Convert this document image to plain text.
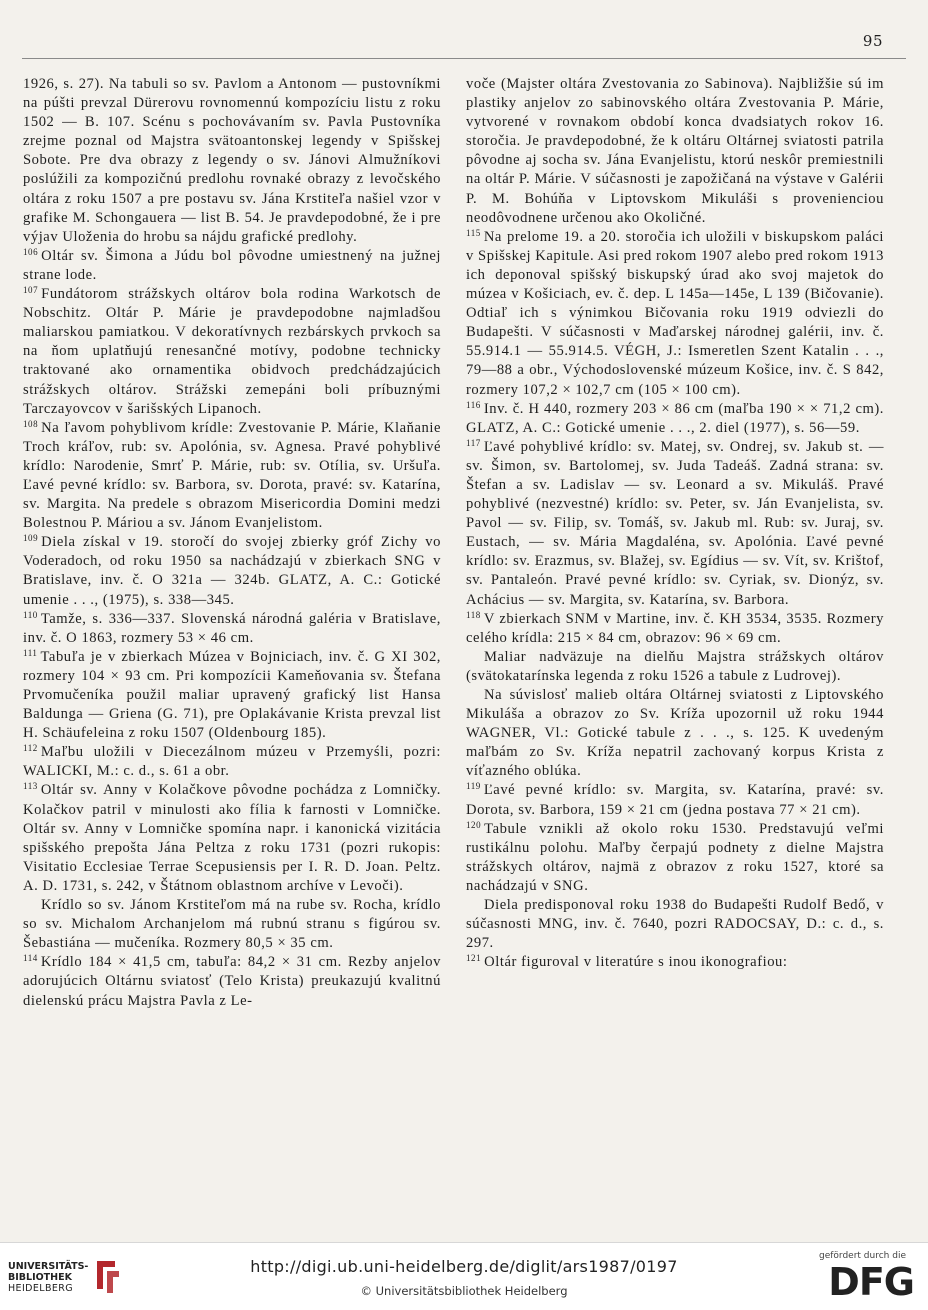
95

1926, s. 27). Na tabuli so sv. Pavlom a Antonom — pustovníkmi na púšti prevzal Dürerovu rovnomennú kompozíciu listu z roku 1502 — B. 107. Scénu s pochovávaním sv. Pavla Pustovníka zrejme poznal od Majstra svätoantonskej legendy v Spišskej Sobote. Pre dva obrazy z legendy o sv. Jánovi Almužníkovi poslúžili za kompozičnú predlohu rovnaké obrazy z levočského oltára z roku 1507 a pre postavu sv. Jána Krstiteľa našiel vzor v grafike M. Schongauera — list B. 54. Je pravdepodobné, že i pre výjav Uloženia do hrobu sa nájdu grafické predlohy.

$^{106}$ Oltár sv. Šimona a Júdu bol pôvodne umiestnený na južnej strane lode.

$^{107}$ Fundátorom strážskych oltárov bola rodina Warkotsch de Nobschitz. Oltár P. Márie je pravdepodobne najmladšou maliarskou pamiatkou. V dekoratívnych rezbárskych prvkoch sa na ňom uplatňujú renesančné motívy, podobne technicky traktované ako ornamentika obidvoch predchádzajúcich strážskych oltárov. Strážski zemepáni boli príbuznými Tarczayovcov v šarišských Lipanoch.

$^{108}$ Na ľavom pohyblivom krídle: Zvestovanie P. Márie, Klaňanie Troch kráľov, rub: sv. Apolónia, sv. Agnesa. Pravé pohyblivé krídlo: Narodenie, Smrť P. Márie, rub: sv. Otília, sv. Uršuľa. Ľavé pevné krídlo: sv. Barbora, sv. Dorota, pravé: sv. Katarína, sv. Margita. Na predele s obrazom Misericordia Domini medzi Bolestnou P. Máriou a sv. Jánom Evanjelistom.

$^{109}$ Diela získal v 19. storočí do svojej zbierky gróf Zichy vo Voderadoch, od roku 1950 sa nachádzajú v zbierkach SNG v Bratislave, inv. č. O 321a — 324b. GLATZ, A. C.: Gotické umenie . . ., (1975), s. 338—345.

$^{110}$ Tamže, s. 336—337. Slovenská národná galéria v Bratislave, inv. č. O 1863, rozmery 53 × 46 cm.

$^{111}$ Tabuľa je v zbierkach Múzea v Bojniciach, inv. č. G XI 302, rozmery 104 × 93 cm. Pri kompozícii Kameňovania sv. Štefana Prvomučeníka použil maliar upravený grafický list Hansa Baldunga — Griena (G. 71), pre Oplakávanie Krista prevzal list H. Schäufeleina z roku 1507 (Oldenbourg 185).

$^{112}$ Maľbu uložili v Diecezálnom múzeu v Przemyśli, pozri: WALICKI, M.: c. d., s. 61 a obr.

$^{113}$ Oltár sv. Anny v Kolačkove pôvodne pochádza z Lomničky. Kolačkov patril v minulosti ako fília k farnosti v Lomničke. Oltár sv. Anny v Lomničke spomína napr. i kanonická vizitácia spišského prepošta Jána Peltza z roku 1731 (pozri rukopis: Visitatio Ecclesiae Terrae Scepusiensis per I. R. D. Joan. Peltz. A. D. 1731, s. 242, v Štátnom oblastnom archíve v Levoči).

Krídlo so sv. Jánom Krstiteľom má na rube sv. Rocha, krídlo so sv. Michalom Archanjelom má rubnú stranu s figúrou sv. Šebastiána — mučeníka. Rozmery 80,5 × 35 cm.

$^{114}$ Krídlo 184 × 41,5 cm, tabuľa: 84,2 × 31 cm. Rezby anjelov adorujúcich Oltárnu sviatosť (Telo Krista) preukazujú kvalitnú dielenskú prácu Majstra Pavla z Le-

voče (Majster oltára Zvestovania zo Sabinova). Najbližšie sú im plastiky anjelov zo sabinovského oltára Zvestovania P. Márie, vytvorené v rovnakom období konca dvadsiatych rokov 16. storočia. Je pravdepodobné, že k oltáru Oltárnej sviatosti patrila pôvodne aj socha sv. Jána Evanjelistu, ktorú neskôr premiestnili na oltár P. Márie. V súčasnosti je zapožičaná na výstave v Galérii P. M. Bohúňa v Liptovskom Mikuláši s provenienciou neodôvodnene určenou ako Okoličné.

$^{115}$ Na prelome 19. a 20. storočia ich uložili v biskupskom paláci v Spišskej Kapitule. Asi pred rokom 1907 alebo pred rokom 1913 ich deponoval spišský biskupský úrad ako svoj majetok do múzea v Košiciach, ev. č. dep. L 145a—145e, L 139 (Bičovanie). Odtiaľ ich s výnimkou Bičovania roku 1919 odviezli do Budapešti. V súčasnosti v Maďarskej národnej galérii, inv. č. 55.914.1 — 55.914.5. VÉGH, J.: Ismeretlen Szent Katalin . . ., 79—88 a obr., Východoslovenské múzeum Košice, inv. č. S 842, rozmery 107,2 × 102,7 cm (105 × 100 cm).

$^{116}$ Inv. č. H 440, rozmery 203 × 86 cm (maľba 190 × × 71,2 cm). GLATZ, A. C.: Gotické umenie . . ., 2. diel (1977), s. 56—59.

$^{117}$ Ľavé pohyblivé krídlo: sv. Matej, sv. Ondrej, sv. Jakub st. — sv. Šimon, sv. Bartolomej, sv. Juda Tadeáš. Zadná strana: sv. Štefan a sv. Ladislav — sv. Leonard a sv. Mikuláš. Pravé pohyblivé (nezvestné) krídlo: sv. Peter, sv. Ján Evanjelista, sv. Pavol — sv. Filip, sv. Tomáš, sv. Jakub ml. Rub: sv. Juraj, sv. Eustach, — sv. Mária Magdaléna, sv. Apolónia. Ľavé pevné krídlo: sv. Erazmus, sv. Blažej, sv. Egídius — sv. Vít, sv. Krištof, sv. Pantaleón. Pravé pevné krídlo: sv. Cyriak, sv. Dionýz, sv. Achácius — sv. Margita, sv. Katarína, sv. Barbora.

$^{118}$ V zbierkach SNM v Martine, inv. č. KH 3534, 3535. Rozmery celého krídla: 215 × 84 cm, obrazov: 96 × 69 cm.

Maliar nadväzuje na dielňu Majstra strážskych oltárov (svätokatarínska legenda z roku 1526 a tabule z Ludrovej).

Na súvislosť malieb oltára Oltárnej sviatosti z Liptovského Mikuláša a obrazov zo Sv. Kríža upozornil už roku 1944 WAGNER, Vl.: Gotické tabule z . . ., s. 125. K uvedeným maľbám zo Sv. Kríža nepatril zachovaný korpus Krista z víťazného oblúka.

$^{119}$ Ľavé pevné krídlo: sv. Margita, sv. Katarína, pravé: sv. Dorota, sv. Barbora, 159 × 21 cm (jedna postava 77 × 21 cm).

$^{120}$ Tabule vznikli až okolo roku 1530. Predstavujú veľmi rustikálnu polohu. Maľby čerpajú podnety z dielne Majstra strážskych oltárov, najmä z obrazov z roku 1527, ktoré sa nachádzajú v SNG.

Diela predisponoval roku 1938 do Budapešti Rudolf Bedő, v súčasnosti MNG, inv. č. 7640, pozri RADOCSAY, D.: c. d., s. 297.

$^{121}$ Oltár figuroval v literatúre s inou ikonografiou:

UNIVERSITÄTS-
BIBLIOTHEK
HEIDELBERG
http://digi.ub.uni-heidelberg.de/diglit/ars1987/0197
© Universitätsbibliothek Heidelberg
gefördert durch die
DFG
